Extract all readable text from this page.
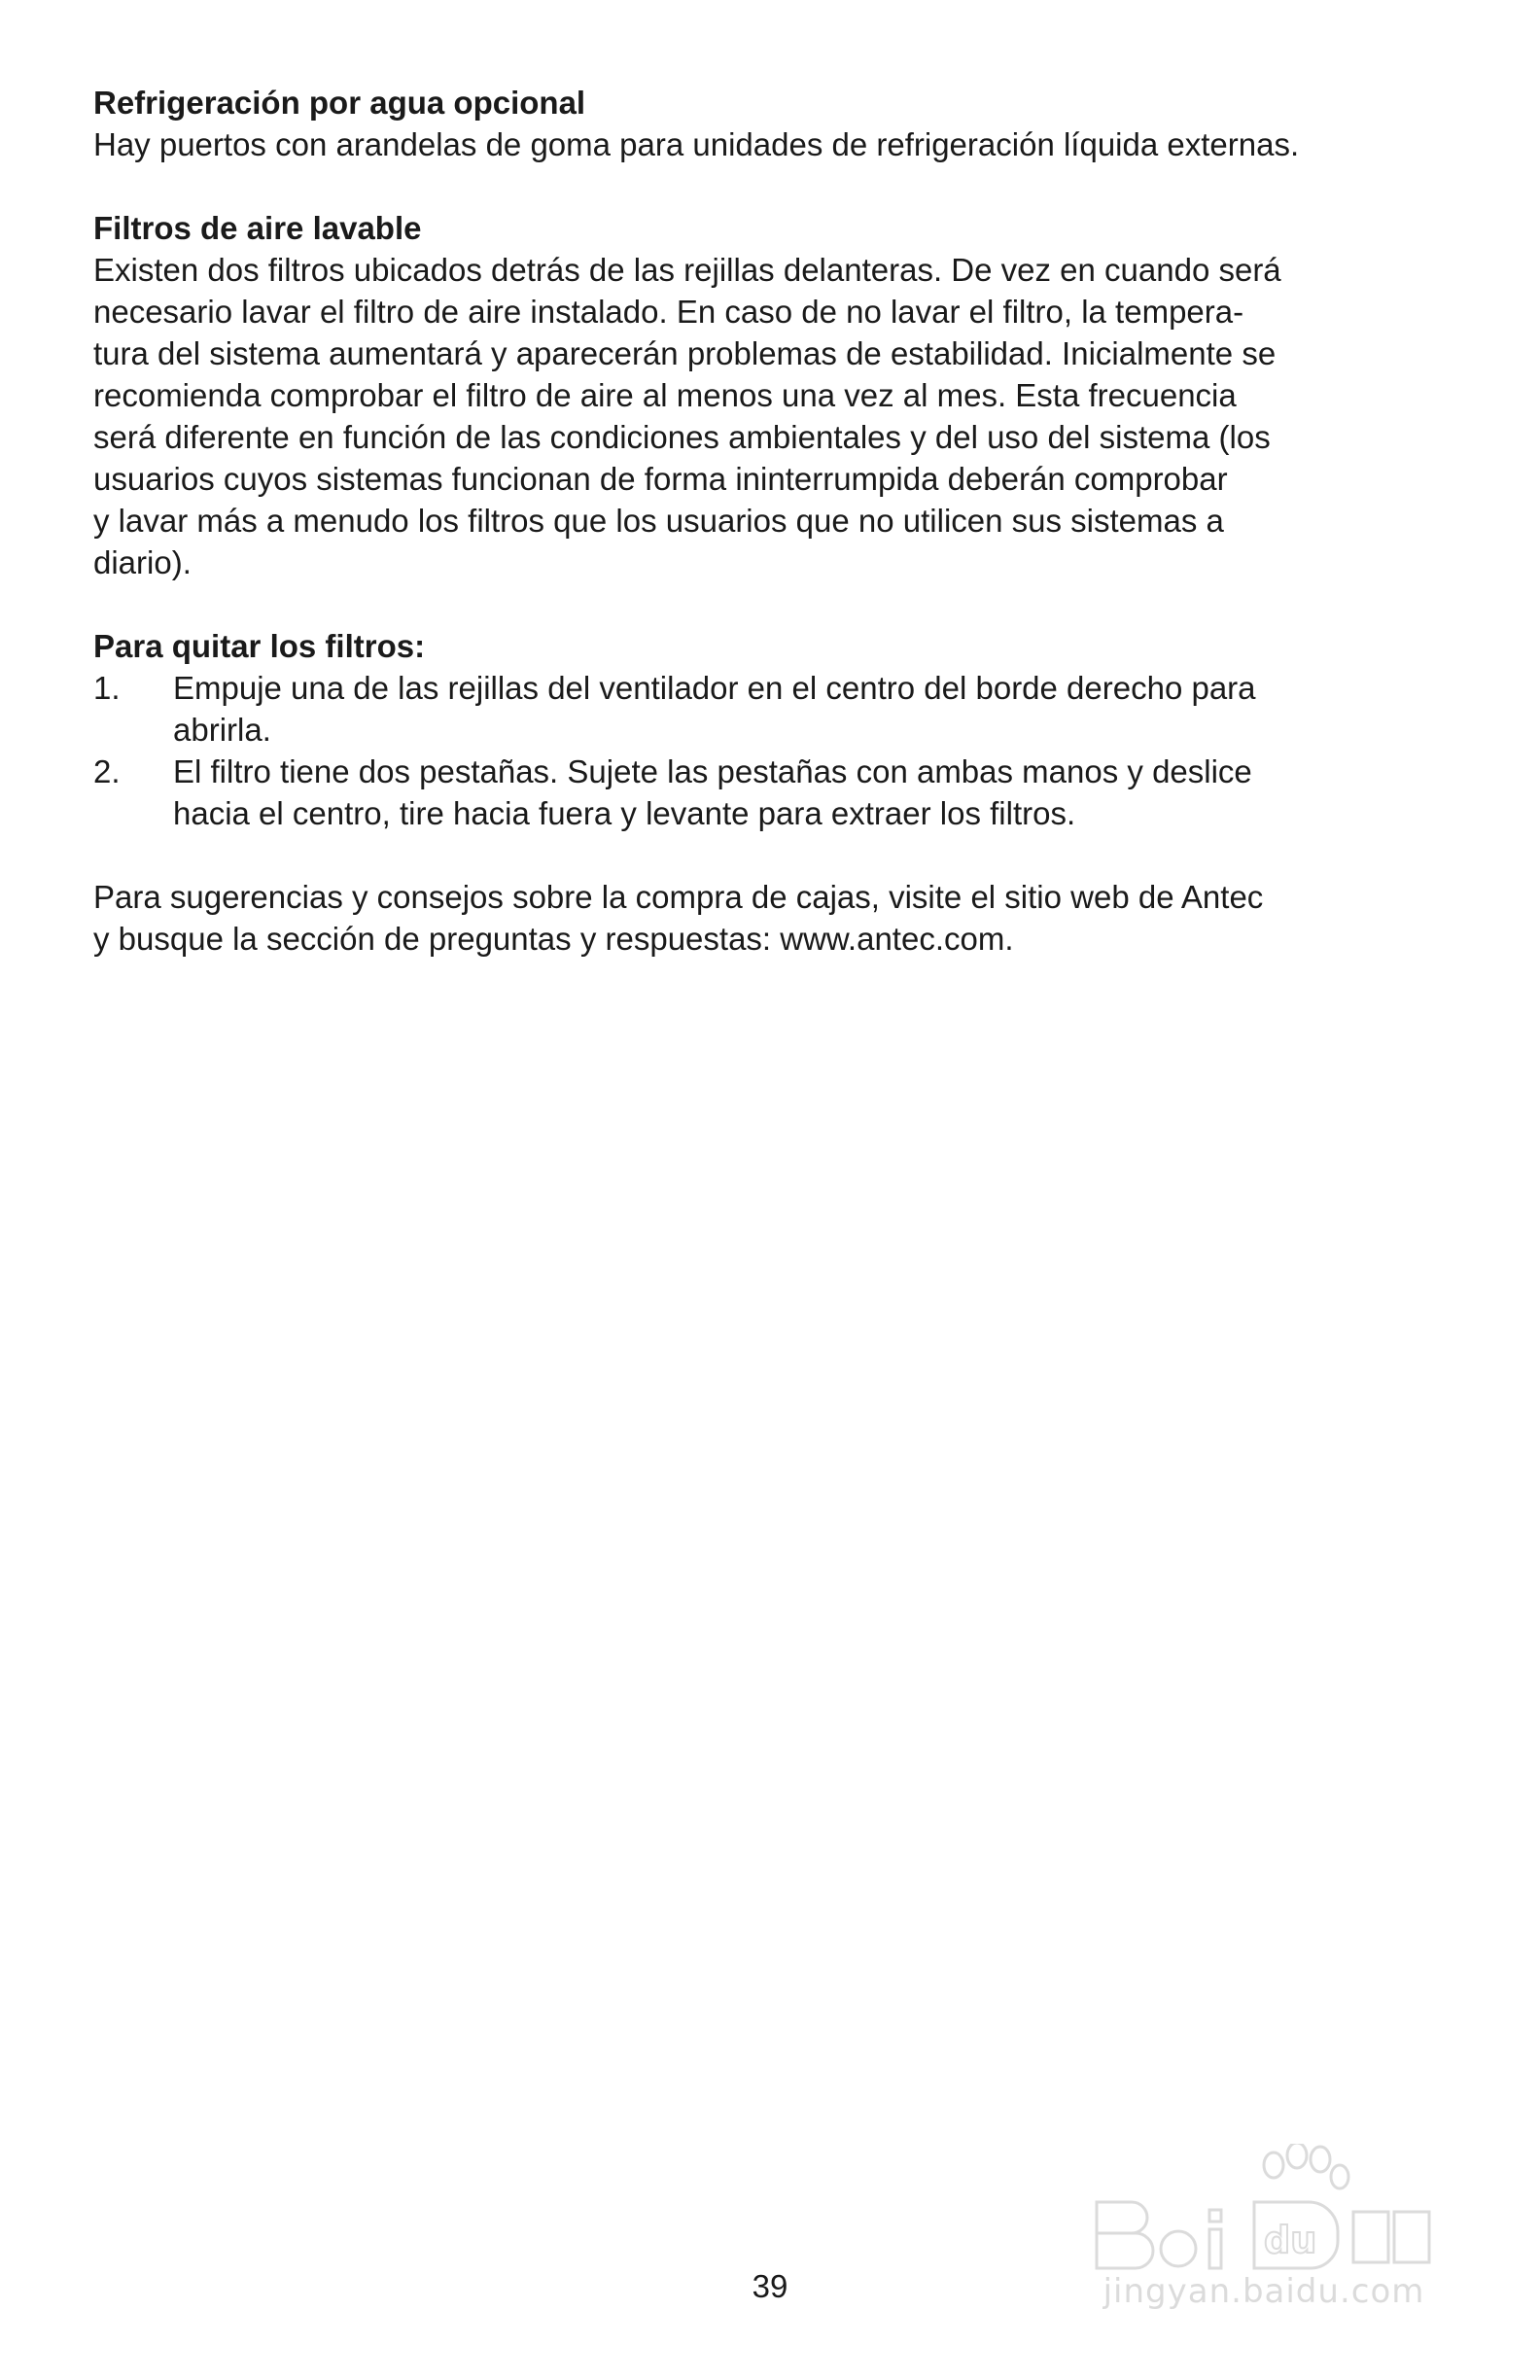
Refrigeración por agua opcional

Hay puertos con arandelas de goma para unidades de refrigeración líquida externas.

Filtros de aire lavable

Existen dos filtros ubicados detrás de las rejillas delanteras. De vez en cuando será
necesario lavar el filtro de aire instalado. En caso de no lavar el filtro, la tempera-
tura del sistema aumentará y aparecerán problemas de estabilidad. Inicialmente se
recomienda comprobar el filtro de aire al menos una vez al mes. Esta frecuencia
será diferente en función de las condiciones ambientales y del uso del sistema (los
usuarios cuyos sistemas funcionan de forma ininterrumpida deberán comprobar
y lavar más a menudo los filtros que los usuarios que no utilicen sus sistemas a
diario).

Para quitar los filtros:

1. Empuje una de las rejillas del ventilador en el centro del borde derecho para
abrirla.
2. El filtro tiene dos pestañas. Sujete las pestañas con ambas manos y deslice
hacia el centro, tire hacia fuera y levante para extraer los filtros.

Para sugerencias y consejos sobre la compra de cajas, visite el sitio web de Antec
y busque la sección de preguntas y respuestas: www.antec.com.

du
jingyan.baidu.com
39
